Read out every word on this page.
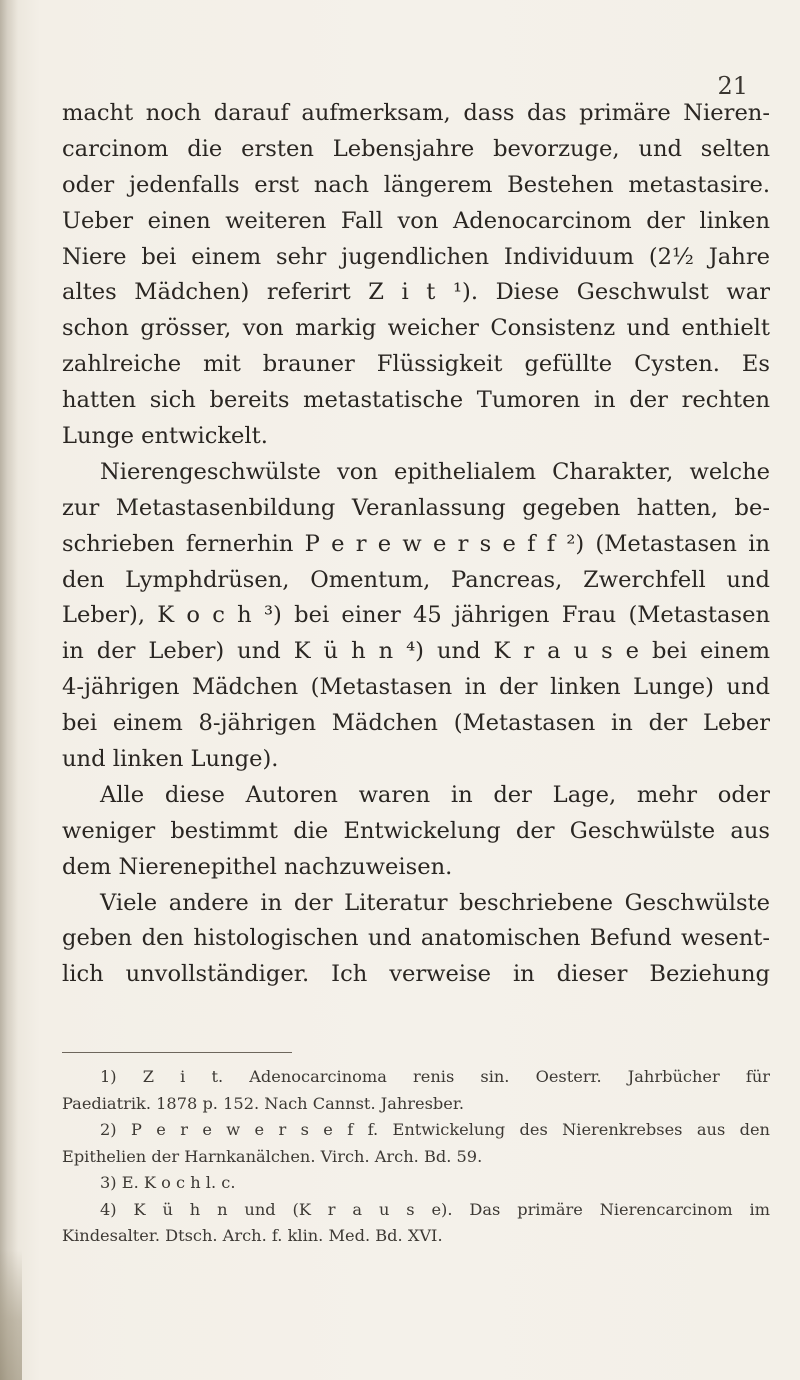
21
macht noch darauf aufmerksam, dass das primäre Nieren-
carcinom die ersten Lebensjahre bevorzuge, und selten
oder jedenfalls erst nach längerem Bestehen metastasire.
Ueber einen weiteren Fall von Adenocarcinom der linken
Niere bei einem sehr jugendlichen Individuum (2½ Jahre
altes Mädchen) referirt Z i t ¹). Diese Geschwulst war
schon grösser, von markig weicher Consistenz und enthielt
zahlreiche mit brauner Flüssigkeit gefüllte Cysten. Es
hatten sich bereits metastatische Tumoren in der rechten
Lunge entwickelt.
Nierengeschwülste von epithelialem Charakter, welche
zur Metastasenbildung Veranlassung gegeben hatten, be-
schrieben fernerhin P e r e w e r s e f f ²) (Metastasen in
den Lymphdrüsen, Omentum, Pancreas, Zwerchfell und
Leber), K o c h ³) bei einer 45 jährigen Frau (Metastasen
in der Leber) und K ü h n ⁴) und K r a u s e bei einem
4-jährigen Mädchen (Metastasen in der linken Lunge) und
bei einem 8-jährigen Mädchen (Metastasen in der Leber
und linken Lunge).
Alle diese Autoren waren in der Lage, mehr oder
weniger bestimmt die Entwickelung der Geschwülste aus
dem Nierenepithel nachzuweisen.
Viele andere in der Literatur beschriebene Geschwülste
geben den histologischen und anatomischen Befund wesent-
lich unvollständiger. Ich verweise in dieser Beziehung
1) Z i t. Adenocarcinoma renis sin. Oesterr. Jahrbücher für
Paediatrik. 1878 p. 152. Nach Cannst. Jahresber.
2) P e r e w e r s e f f. Entwickelung des Nierenkrebses aus den
Epithelien der Harnkanälchen. Virch. Arch. Bd. 59.
3) E. K o c h l. c.
4) K ü h n und (K r a u s e). Das primäre Nierencarcinom im
Kindesalter. Dtsch. Arch. f. klin. Med. Bd. XVI.
